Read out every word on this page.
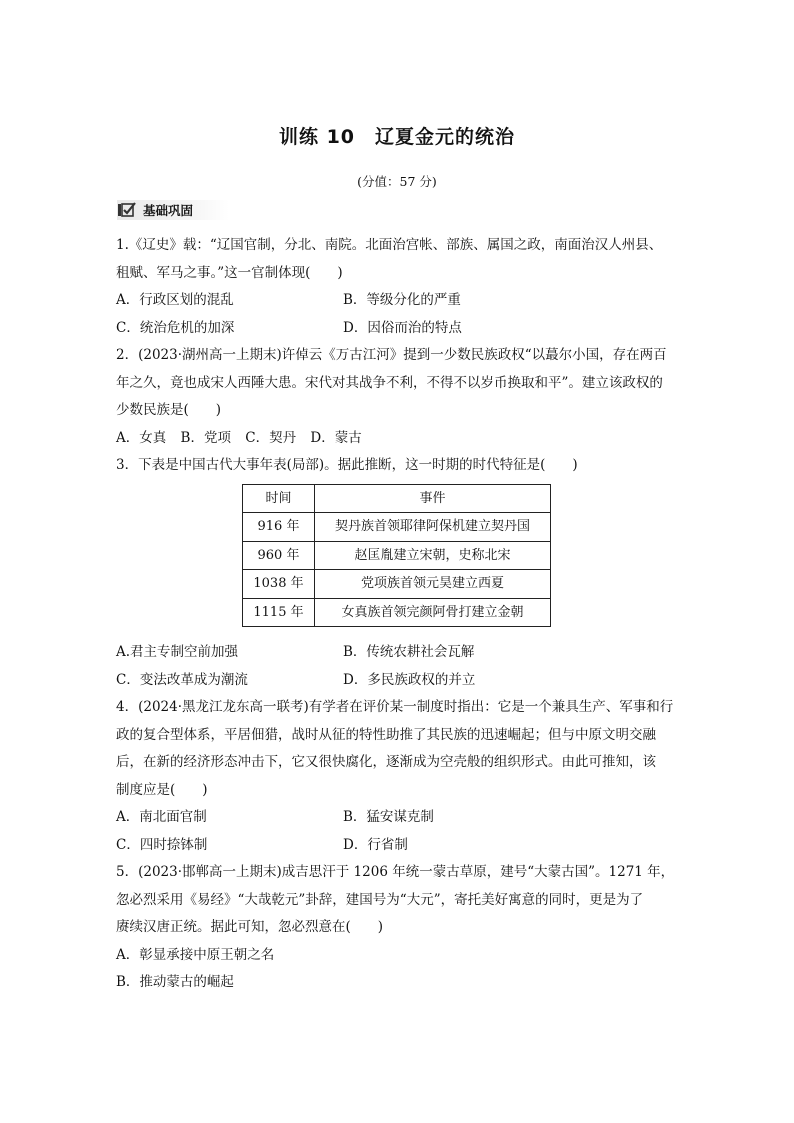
训练 10　辽夏金元的统治
(分值：57 分)
基础巩固

1.《辽史》载：“辽国官制，分北、南院。北面治宫帐、部族、属国之政，南面治汉人州县、

租赋、军马之事。”这一官制体现(　　)

A．行政区划的混乱	B．等级分化的严重
C．统治危机的加深	D．因俗而治的特点

2．(2023·湖州高一上期末)许倬云《万古江河》提到一少数民族政权“以蕞尔小国，存在两百

年之久，竟也成宋人西陲大患。宋代对其战争不利，不得不以岁币换取和平”。建立该政权的

少数民族是(　　)

A．女真 B．党项 C．契丹 D．蒙古

3．下表是中国古代大事年表(局部)。据此推断，这一时期的时代特征是(　　)

时间	事件
916 年	契丹族首领耶律阿保机建立契丹国
960 年	赵匡胤建立宋朝，史称北宋
1038 年	党项族首领元昊建立西夏
1115 年	女真族首领完颜阿骨打建立金朝
A.君主专制空前加强	B．传统农耕社会瓦解
C．变法改革成为潮流	D．多民族政权的并立

4．(2024·黑龙江龙东高一联考)有学者在评价某一制度时指出：它是一个兼具生产、军事和行

政的复合型体系，平居佃猎，战时从征的特性助推了其民族的迅速崛起；但与中原文明交融

后，在新的经济形态冲击下，它又很快腐化，逐渐成为空壳般的组织形式。由此可推知，该

制度应是(　　)

A．南北面官制	B．猛安谋克制
C．四时捺钵制	D．行省制

5．(2023·邯郸高一上期末)成吉思汗于 1206 年统一蒙古草原，建号“大蒙古国”。1271 年，

忽必烈采用《易经》“大哉乾元”卦辞，建国号为“大元”，寄托美好寓意的同时，更是为了

赓续汉唐正统。据此可知，忽必烈意在(　　)

A．彰显承接中原王朝之名
B．推动蒙古的崛起
